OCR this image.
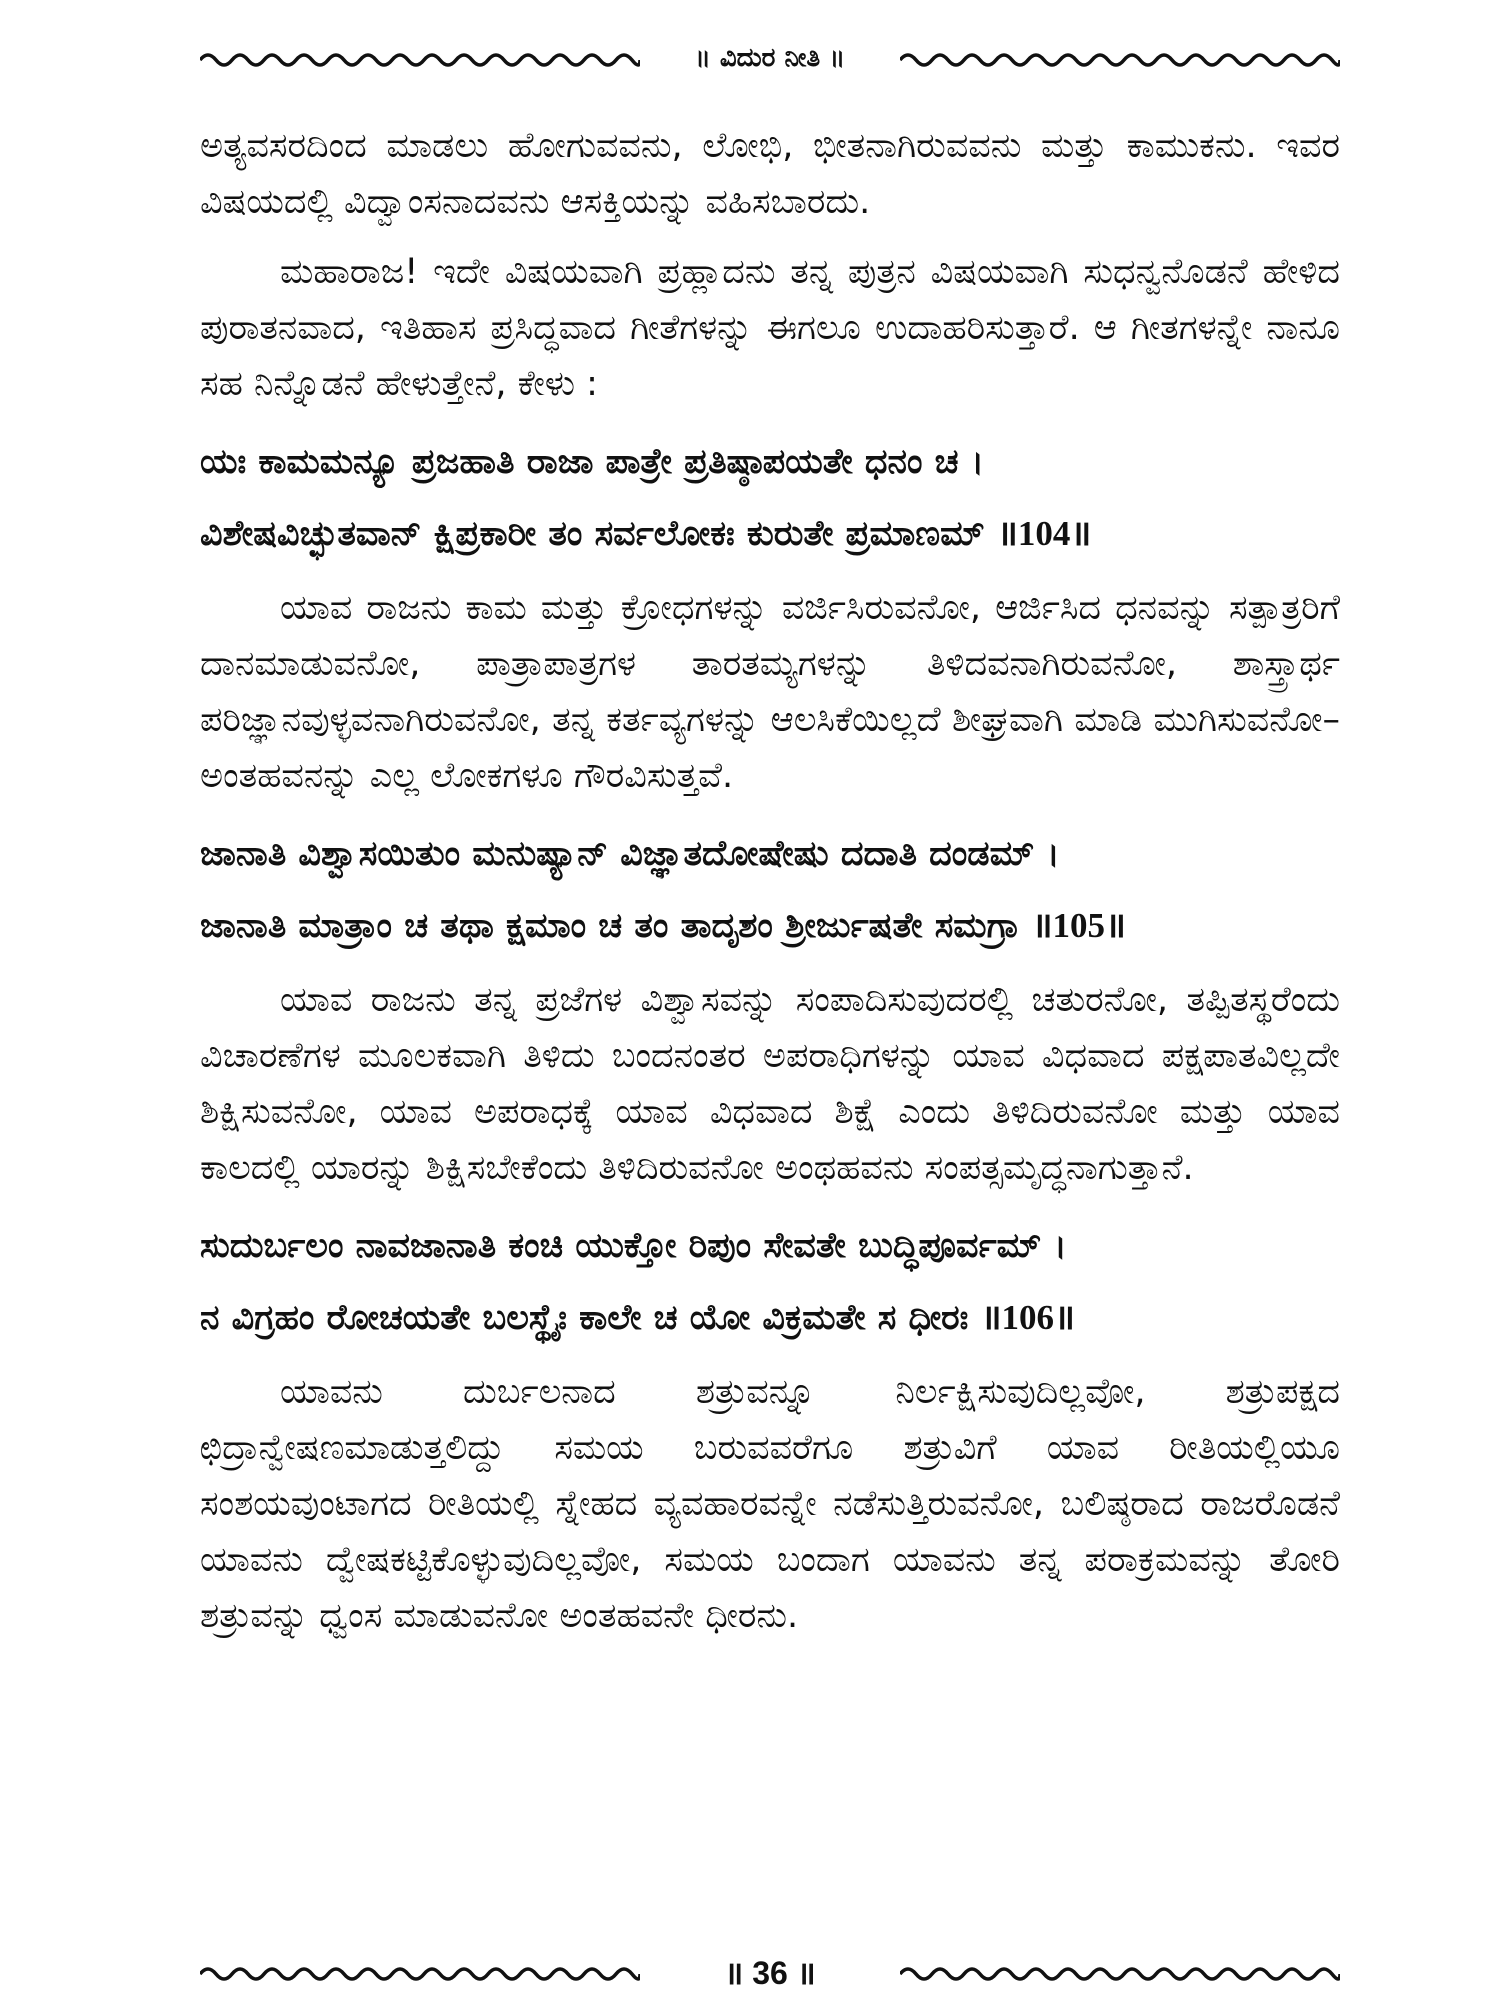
॥ ವಿದುರ ನೀತಿ ॥

ಅತ್ಯವಸರದಿಂದ ಮಾಡಲು ಹೋಗುವವನು, ಲೋಭಿ, ಭೀತನಾಗಿರುವವನು ಮತ್ತು ಕಾಮುಕನು. ಇವರ ವಿಷಯದಲ್ಲಿ ವಿದ್ವಾಂಸನಾದವನು ಆಸಕ್ತಿಯನ್ನು ವಹಿಸಬಾರದು.

ಮಹಾರಾಜ! ಇದೇ ವಿಷಯವಾಗಿ ಪ್ರಹ್ಲಾದನು ತನ್ನ ಪುತ್ರನ ವಿಷಯವಾಗಿ ಸುಧನ್ವನೊಡನೆ ಹೇಳಿದ ಪುರಾತನವಾದ, ಇತಿಹಾಸ ಪ್ರಸಿದ್ಧವಾದ ಗೀತೆಗಳನ್ನು ಈಗಲೂ ಉದಾಹರಿಸುತ್ತಾರೆ. ಆ ಗೀತಗಳನ್ನೇ ನಾನೂ ಸಹ ನಿನ್ನೊಡನೆ ಹೇಳುತ್ತೇನೆ, ಕೇಳು :

ಯಃ ಕಾಮಮನ್ಯೂ ಪ್ರಜಹಾತಿ ರಾಜಾ ಪಾತ್ರೇ ಪ್ರತಿಷ್ಠಾಪಯತೇ ಧನಂ ಚ ।

ವಿಶೇಷವಿಚ್ಛುತವಾನ್ ಕ್ಷಿಪ್ರಕಾರೀ ತಂ ಸರ್ವಲೋಕಃ ಕುರುತೇ ಪ್ರಮಾಣಮ್ ॥104॥

ಯಾವ ರಾಜನು ಕಾಮ ಮತ್ತು ಕ್ರೋಧಗಳನ್ನು ವರ್ಜಿಸಿರುವನೋ, ಆರ್ಜಿಸಿದ ಧನವನ್ನು ಸತ್ಪಾತ್ರರಿಗೆ ದಾನಮಾಡುವನೋ, ಪಾತ್ರಾಪಾತ್ರಗಳ ತಾರತಮ್ಯಗಳನ್ನು ತಿಳಿದವನಾಗಿರುವನೋ, ಶಾಸ್ತ್ರಾರ್ಥ ಪರಿಜ್ಞಾನವುಳ್ಳವನಾಗಿರುವನೋ, ತನ್ನ ಕರ್ತವ್ಯಗಳನ್ನು ಆಲಸಿಕೆಯಿಲ್ಲದೆ ಶೀಘ್ರವಾಗಿ ಮಾಡಿ ಮುಗಿಸುವನೋ– ಅಂತಹವನನ್ನು ಎಲ್ಲ ಲೋಕಗಳೂ ಗೌರವಿಸುತ್ತವೆ.

ಜಾನಾತಿ ವಿಶ್ವಾಸಯಿತುಂ ಮನುಷ್ಯಾನ್ ವಿಜ್ಞಾತದೋಷೇಷು ದದಾತಿ ದಂಡಮ್ ।

ಜಾನಾತಿ ಮಾತ್ರಾಂ ಚ ತಥಾ ಕ್ಷಮಾಂ ಚ ತಂ ತಾದೃಶಂ ಶ್ರೀರ್ಜುಷತೇ ಸಮಗ್ರಾ ॥105॥

ಯಾವ ರಾಜನು ತನ್ನ ಪ್ರಜೆಗಳ ವಿಶ್ವಾಸವನ್ನು ಸಂಪಾದಿಸುವುದರಲ್ಲಿ ಚತುರನೋ, ತಪ್ಪಿತಸ್ಥರೆಂದು ವಿಚಾರಣೆಗಳ ಮೂಲಕವಾಗಿ ತಿಳಿದು ಬಂದನಂತರ ಅಪರಾಧಿಗಳನ್ನು ಯಾವ ವಿಧವಾದ ಪಕ್ಷಪಾತವಿಲ್ಲದೇ ಶಿಕ್ಷಿಸುವನೋ, ಯಾವ ಅಪರಾಧಕ್ಕೆ ಯಾವ ವಿಧವಾದ ಶಿಕ್ಷೆ ಎಂದು ತಿಳಿದಿರುವನೋ ಮತ್ತು ಯಾವ ಕಾಲದಲ್ಲಿ ಯಾರನ್ನು ಶಿಕ್ಷಿಸಬೇಕೆಂದು ತಿಳಿದಿರುವನೋ ಅಂಥಹವನು ಸಂಪತ್ಸಮೃದ್ಧನಾಗುತ್ತಾನೆ.

ಸುದುರ್ಬಲಂ ನಾವಜಾನಾತಿ ಕಂಚಿ ಯುಕ್ತೋ ರಿಪುಂ ಸೇವತೇ ಬುದ್ಧಿಪೂರ್ವಮ್ ।

ನ ವಿಗ್ರಹಂ ರೋಚಯತೇ ಬಲಸ್ಥೈಃ ಕಾಲೇ ಚ ಯೋ ವಿಕ್ರಮತೇ ಸ ಧೀರಃ ॥106॥

ಯಾವನು ದುರ್ಬಲನಾದ ಶತ್ರುವನ್ನೂ ನಿರ್ಲಕ್ಷಿಸುವುದಿಲ್ಲವೋ, ಶತ್ರುಪಕ್ಷದ ಛಿದ್ರಾನ್ವೇಷಣಮಾಡುತ್ತಲಿದ್ದು ಸಮಯ ಬರುವವರೆಗೂ ಶತ್ರುವಿಗೆ ಯಾವ ರೀತಿಯಲ್ಲಿಯೂ ಸಂಶಯವುಂಟಾಗದ ರೀತಿಯಲ್ಲಿ ಸ್ನೇಹದ ವ್ಯವಹಾರವನ್ನೇ ನಡೆಸುತ್ತಿರುವನೋ, ಬಲಿಷ್ಠರಾದ ರಾಜರೊಡನೆ ಯಾವನು ದ್ವೇಷಕಟ್ಟಿಕೊಳ್ಳುವುದಿಲ್ಲವೋ, ಸಮಯ ಬಂದಾಗ ಯಾವನು ತನ್ನ ಪರಾಕ್ರಮವನ್ನು ತೋರಿ ಶತ್ರುವನ್ನು ಧ್ವಂಸ ಮಾಡುವನೋ ಅಂತಹವನೇ ಧೀರನು.

॥ 36 ॥
